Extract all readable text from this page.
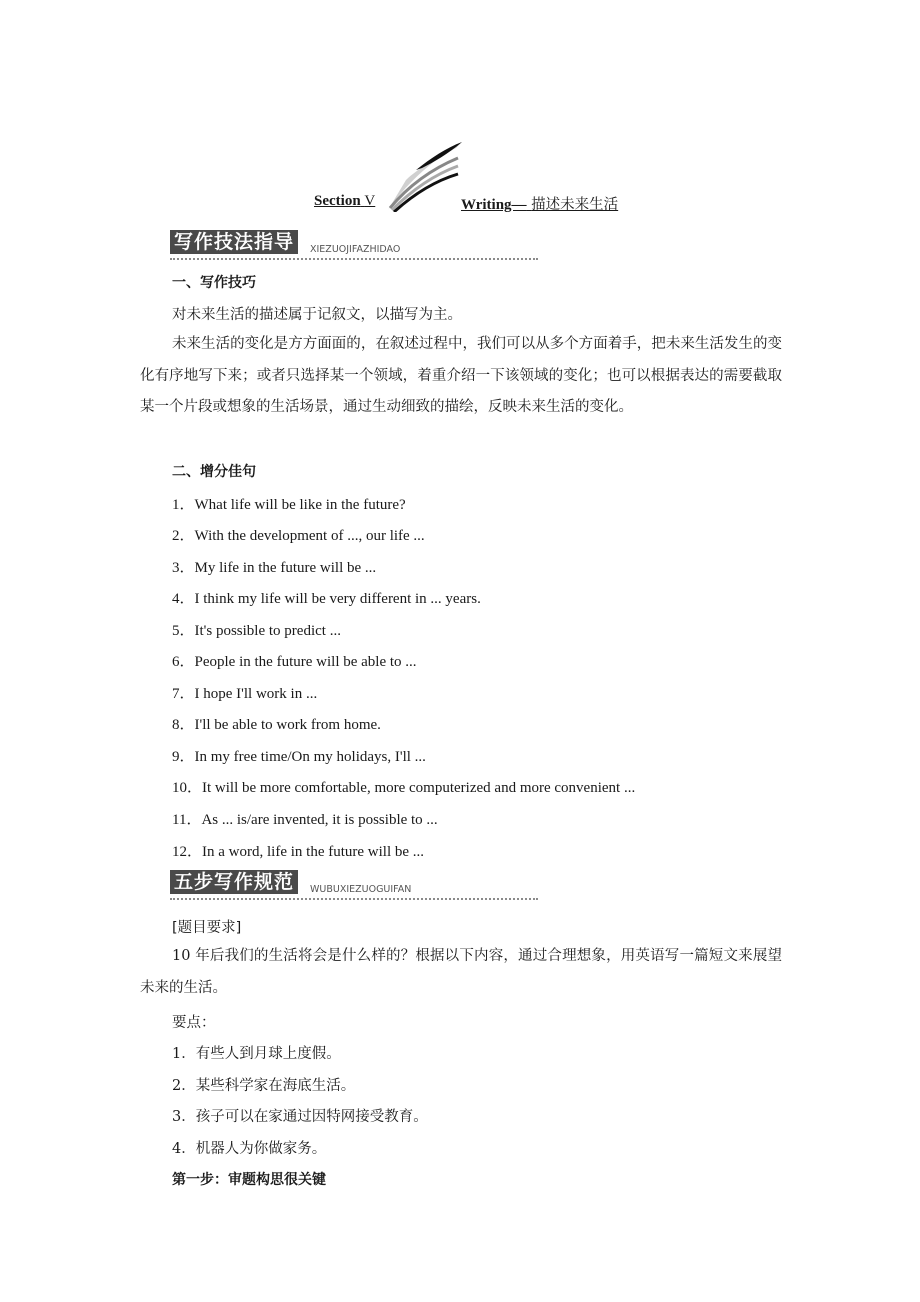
Section V	Writing— 描述未来生活
写作技法指导	XIEZUOJIFAZHIDAO
一、写作技巧
对未来生活的描述属于记叙文，以描写为主。
未来生活的变化是方方面面的，在叙述过程中，我们可以从多个方面着手，把未来生活发生的变化有序地写下来；或者只选择某一个领域，着重介绍一下该领域的变化；也可以根据表达的需要截取某一个片段或想象的生活场景，通过生动细致的描绘，反映未来生活的变化。
二、增分佳句
1．What life will be like in the future?
2．With the development of ..., our life ...
3．My life in the future will be ...
4．I think my life will be very different in ... years.
5．It's possible to predict ...
6．People in the future will be able to ...
7．I hope I'll work in ...
8．I'll be able to work from home.
9．In my free time/On my holidays, I'll ...
10．It will be more comfortable, more computerized and more convenient ...
11．As ... is/are invented, it is possible to ...
12．In a word, life in the future will be ...
五步写作规范	WUBUXIEZUOGUIFAN
[题目要求]
10 年后我们的生活将会是什么样的？根据以下内容，通过合理想象，用英语写一篇短文来展望未来的生活。
要点：
1．有些人到月球上度假。
2．某些科学家在海底生活。
3．孩子可以在家通过因特网接受教育。
4．机器人为你做家务。
第一步：审题构思很关键
